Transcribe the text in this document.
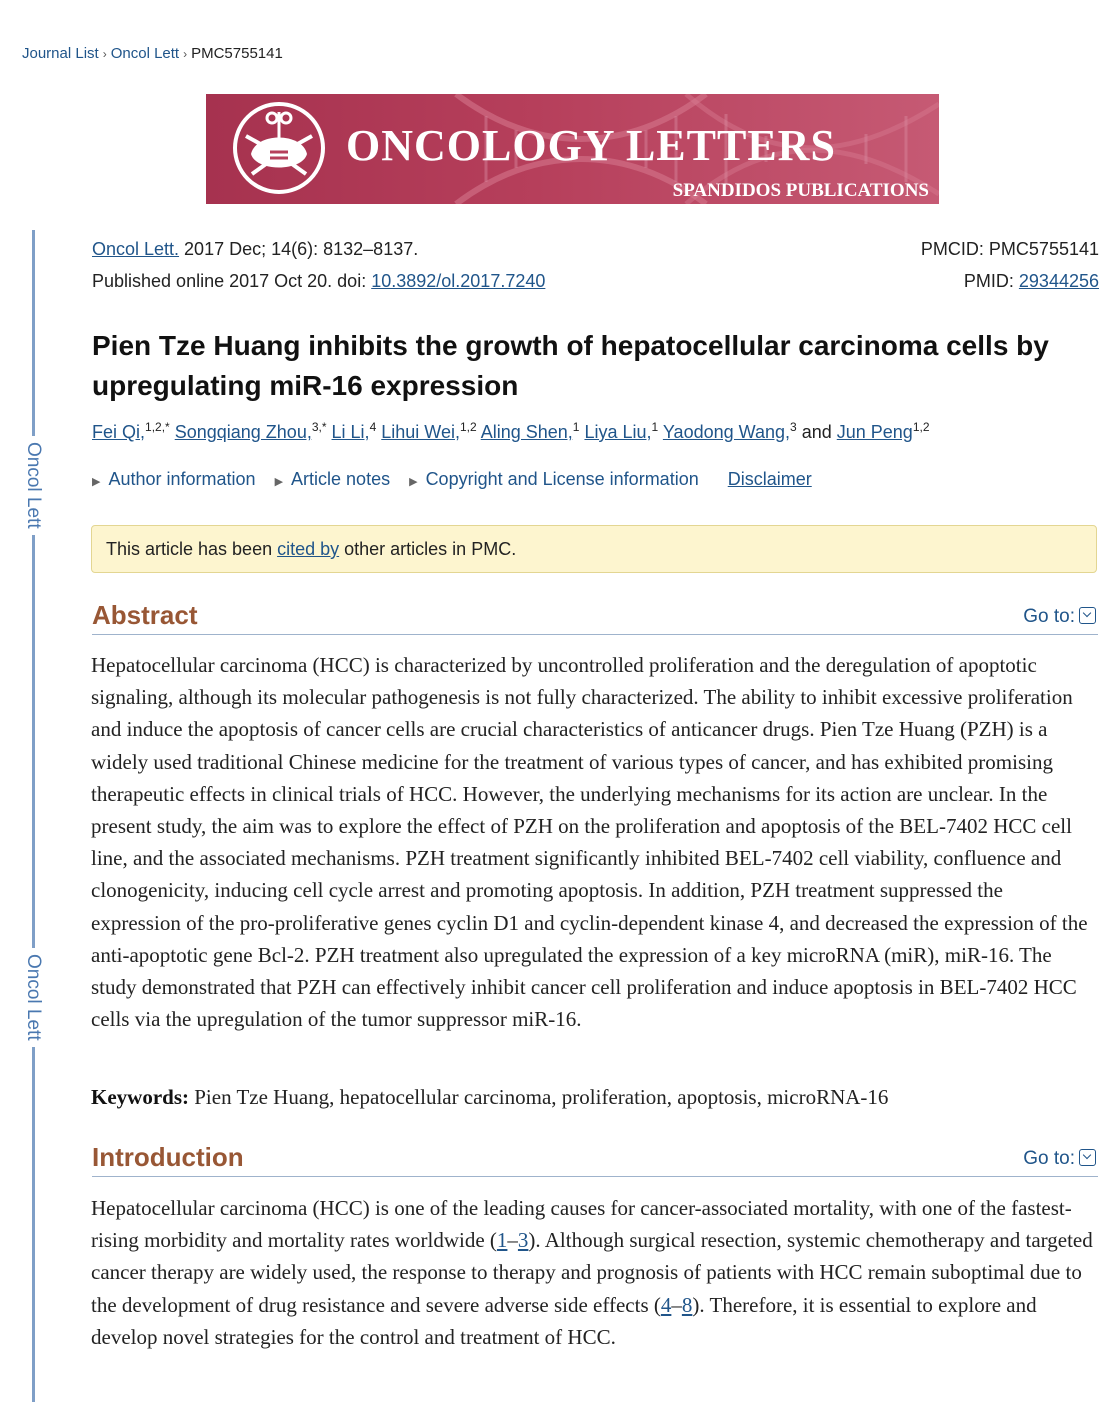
Journal List › Oncol Lett › PMC5755141
ONCOLOGY LETTERS
SPANDIDOS PUBLICATIONS
Oncol Lett
Oncol Lett
Oncol Lett. 2017 Dec; 14(6): 8132–8137.
Published online 2017 Oct 20. doi: 10.3892/ol.2017.7240
PMCID: PMC5755141
PMID: 29344256
Pien Tze Huang inhibits the growth of hepatocellular carcinoma cells by upregulating miR-16 expression
Fei Qi,$^{1,2,*}$ Songqiang Zhou,$^{3,*}$ Li Li,$^4$ Lihui Wei,$^{1,2}$ Aling Shen,$^1$ Liya Liu,$^1$ Yaodong Wang,$^3$ and Jun Peng$^{1,2}$
▶ Author information ▶ Article notes ▶ Copyright and License information Disclaimer
This article has been cited by other articles in PMC.
Abstract	Go to:

Hepatocellular carcinoma (HCC) is characterized by uncontrolled proliferation and the deregulation of apoptotic signaling, although its molecular pathogenesis is not fully characterized. The ability to inhibit excessive proliferation and induce the apoptosis of cancer cells are crucial characteristics of anticancer drugs. Pien Tze Huang (PZH) is a widely used traditional Chinese medicine for the treatment of various types of cancer, and has exhibited promising therapeutic effects in clinical trials of HCC. However, the underlying mechanisms for its action are unclear. In the present study, the aim was to explore the effect of PZH on the proliferation and apoptosis of the BEL-7402 HCC cell line, and the associated mechanisms. PZH treatment significantly inhibited BEL-7402 cell viability, confluence and clonogenicity, inducing cell cycle arrest and promoting apoptosis. In addition, PZH treatment suppressed the expression of the pro-proliferative genes cyclin D1 and cyclin-dependent kinase 4, and decreased the expression of the anti-apoptotic gene Bcl-2. PZH treatment also upregulated the expression of a key microRNA (miR), miR-16. The study demonstrated that PZH can effectively inhibit cancer cell proliferation and induce apoptosis in BEL-7402 HCC cells via the upregulation of the tumor suppressor miR-16.

Keywords: Pien Tze Huang, hepatocellular carcinoma, proliferation, apoptosis, microRNA-16
Introduction	Go to:

Hepatocellular carcinoma (HCC) is one of the leading causes for cancer-associated mortality, with one of the fastest-rising morbidity and mortality rates worldwide (1–3). Although surgical resection, systemic chemotherapy and targeted cancer therapy are widely used, the response to therapy and prognosis of patients with HCC remain suboptimal due to the development of drug resistance and severe adverse side effects (4–8). Therefore, it is essential to explore and develop novel strategies for the control and treatment of HCC.
